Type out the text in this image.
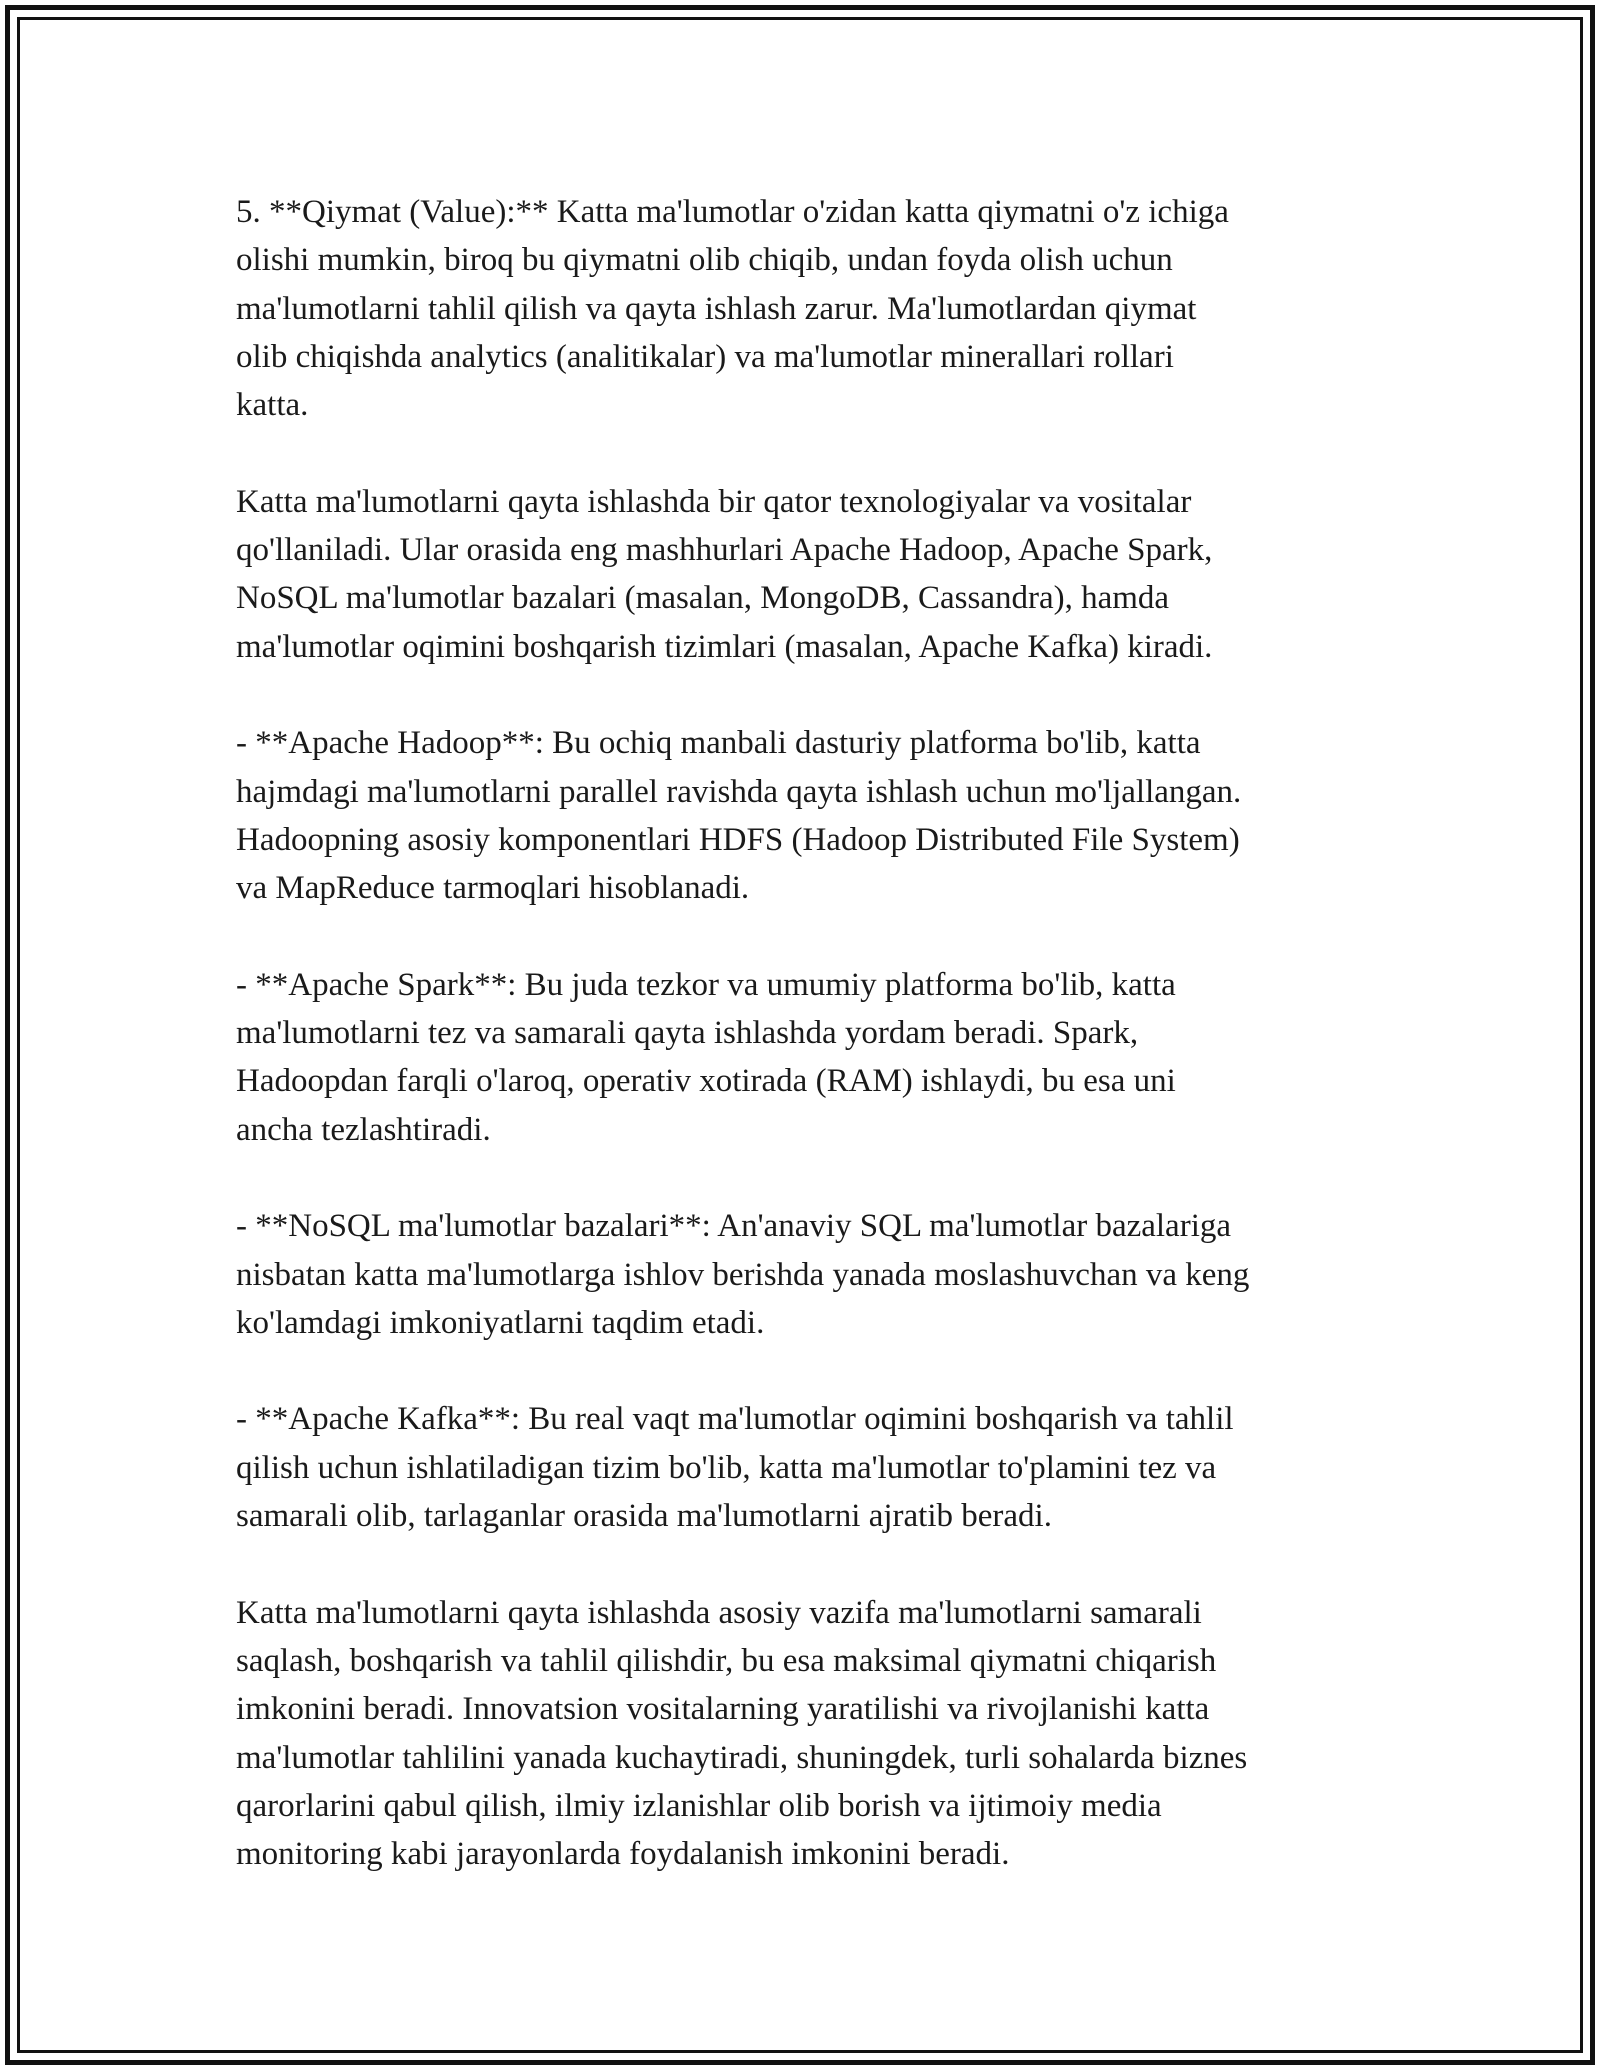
5. **Qiymat (Value):** Katta ma'lumotlar o'zidan katta qiymatni o'z ichiga
olishi mumkin, biroq bu qiymatni olib chiqib, undan foyda olish uchun
ma'lumotlarni tahlil qilish va qayta ishlash zarur. Ma'lumotlardan qiymat
olib chiqishda analytics (analitikalar) va ma'lumotlar minerallari rollari
katta.

Katta ma'lumotlarni qayta ishlashda bir qator texnologiyalar va vositalar
qo'llaniladi. Ular orasida eng mashhurlari Apache Hadoop, Apache Spark,
NoSQL ma'lumotlar bazalari (masalan, MongoDB, Cassandra), hamda
ma'lumotlar oqimini boshqarish tizimlari (masalan, Apache Kafka) kiradi.

- **Apache Hadoop**: Bu ochiq manbali dasturiy platforma bo'lib, katta
hajmdagi ma'lumotlarni parallel ravishda qayta ishlash uchun mo'ljallangan.
Hadoopning asosiy komponentlari HDFS (Hadoop Distributed File System)
va MapReduce tarmoqlari hisoblanadi.

- **Apache Spark**: Bu juda tezkor va umumiy platforma bo'lib, katta
ma'lumotlarni tez va samarali qayta ishlashda yordam beradi. Spark,
Hadoopdan farqli o'laroq, operativ xotirada (RAM) ishlaydi, bu esa uni
ancha tezlashtiradi.

- **NoSQL ma'lumotlar bazalari**: An'anaviy SQL ma'lumotlar bazalariga
nisbatan katta ma'lumotlarga ishlov berishda yanada moslashuvchan va keng
ko'lamdagi imkoniyatlarni taqdim etadi.

- **Apache Kafka**: Bu real vaqt ma'lumotlar oqimini boshqarish va tahlil
qilish uchun ishlatiladigan tizim bo'lib, katta ma'lumotlar to'plamini tez va
samarali olib, tarlaganlar orasida ma'lumotlarni ajratib beradi.

Katta ma'lumotlarni qayta ishlashda asosiy vazifa ma'lumotlarni samarali
saqlash, boshqarish va tahlil qilishdir, bu esa maksimal qiymatni chiqarish
imkonini beradi. Innovatsion vositalarning yaratilishi va rivojlanishi katta
ma'lumotlar tahlilini yanada kuchaytiradi, shuningdek, turli sohalarda biznes
qarorlarini qabul qilish, ilmiy izlanishlar olib borish va ijtimoiy media
monitoring kabi jarayonlarda foydalanish imkonini beradi.
